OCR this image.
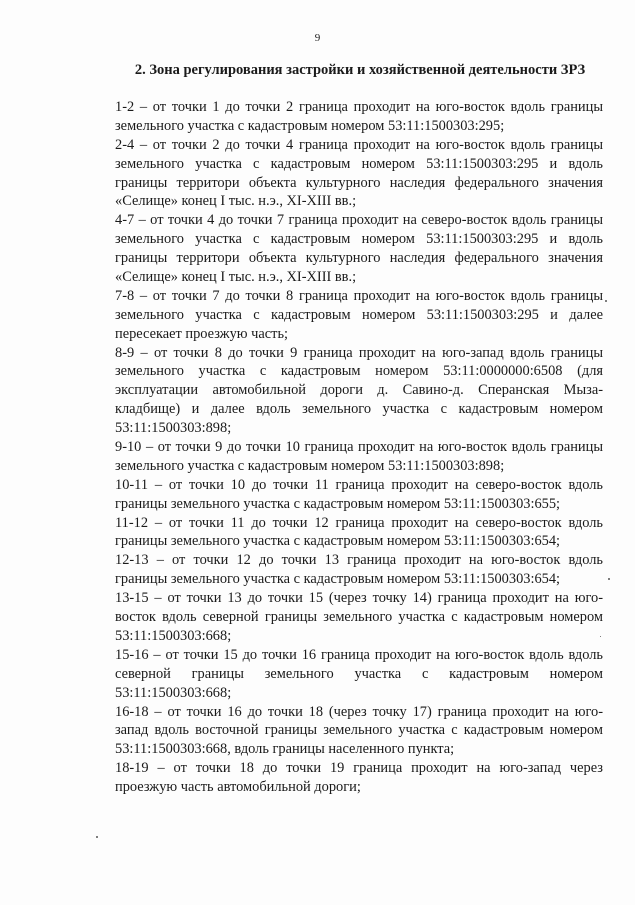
9
2. Зона регулирования застройки и хозяйственной деятельности ЗРЗ
1-2 – от точки 1 до точки 2 граница проходит на юго-восток вдоль границы
земельного участка с кадастровым номером 53:11:1500303:295;
2-4 – от точки 2 до точки 4 граница проходит на юго-восток вдоль границы
земельного участка с кадастровым номером 53:11:1500303:295 и вдоль
границы территори объекта культурного наследия федерального значения
«Селище» конец I тыс. н.э., XI-XIII вв.;
4-7 – от точки 4 до точки 7 граница проходит на северо-восток вдоль границы
земельного участка с кадастровым номером 53:11:1500303:295 и вдоль
границы территори объекта культурного наследия федерального значения
«Селище» конец I тыс. н.э., XI-XIII вв.;
7-8 – от точки 7 до точки 8 граница проходит на юго-восток вдоль границы
земельного участка с кадастровым номером 53:11:1500303:295 и далее
пересекает проезжую часть;
8-9 – от точки 8 до точки 9 граница проходит на юго-запад вдоль границы
земельного участка с кадастровым номером 53:11:0000000:6508 (для
эксплуатации автомобильной дороги д. Савино-д. Сперанская Мыза-
кладбище) и далее вдоль земельного участка с кадастровым номером
53:11:1500303:898;
9-10 – от точки 9 до точки 10 граница проходит на юго-восток вдоль границы
земельного участка с кадастровым номером 53:11:1500303:898;
10-11 – от точки 10 до точки 11 граница проходит на северо-восток вдоль
границы земельного участка с кадастровым номером 53:11:1500303:655;
11-12 – от точки 11 до точки 12 граница проходит на северо-восток вдоль
границы земельного участка с кадастровым номером 53:11:1500303:654;
12-13 – от точки 12 до точки 13 граница проходит на юго-восток вдоль
границы земельного участка с кадастровым номером 53:11:1500303:654;
13-15 – от точки 13 до точки 15 (через точку 14) граница проходит на юго-
восток вдоль северной границы земельного участка с кадастровым номером
53:11:1500303:668;
15-16 – от точки 15 до точки 16 граница проходит на юго-восток вдоль вдоль
северной границы земельного участка с кадастровым номером
53:11:1500303:668;
16-18 – от точки 16 до точки 18 (через точку 17) граница проходит на юго-
запад вдоль восточной границы земельного участка с кадастровым номером
53:11:1500303:668, вдоль границы населенного пункта;
18-19 – от точки 18 до точки 19 граница проходит на юго-запад через
проезжую часть автомобильной дороги;
